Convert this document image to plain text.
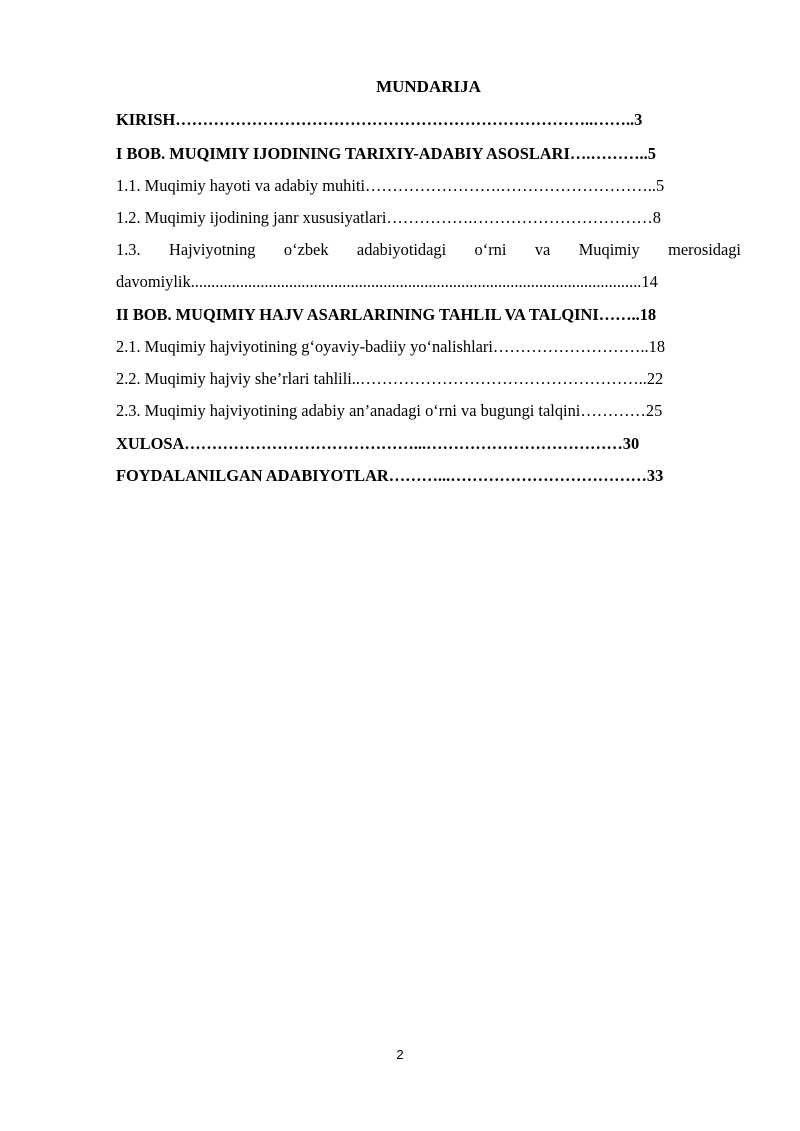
MUNDARIJA
KIRISH…………………………………………………………………..……..3
I BOB. MUQIMIY IJODINING TARIXIY-ADABIY ASOSLARI….………..5
1.1. Muqimiy hayoti va adabiy muhiti…………………….………………………..5
1.2. Muqimiy ijodining janr xususiyatlari…………….……………………………8
1.3. Hajviyotning o‘zbek adabiyotidagi o‘rni va Muqimiy merosidagi
davomiylik..............................................................................................................14
II BOB. MUQIMIY HAJV ASARLARINING TAHLIL VA TALQINI……..18
2.1. Muqimiy hajviyotining g‘oyaviy-badiiy yo‘nalishlari………………………..18
2.2. Muqimiy hajviy she’rlari tahlili..……………………………………………..22
2.3. Muqimiy hajviyotining adabiy an’anadagi o‘rni va bugungi talqini…………25
XULOSA……………………………………...………………………………30
FOYDALANILGAN ADABIYOTLAR………...………………………………33
2
